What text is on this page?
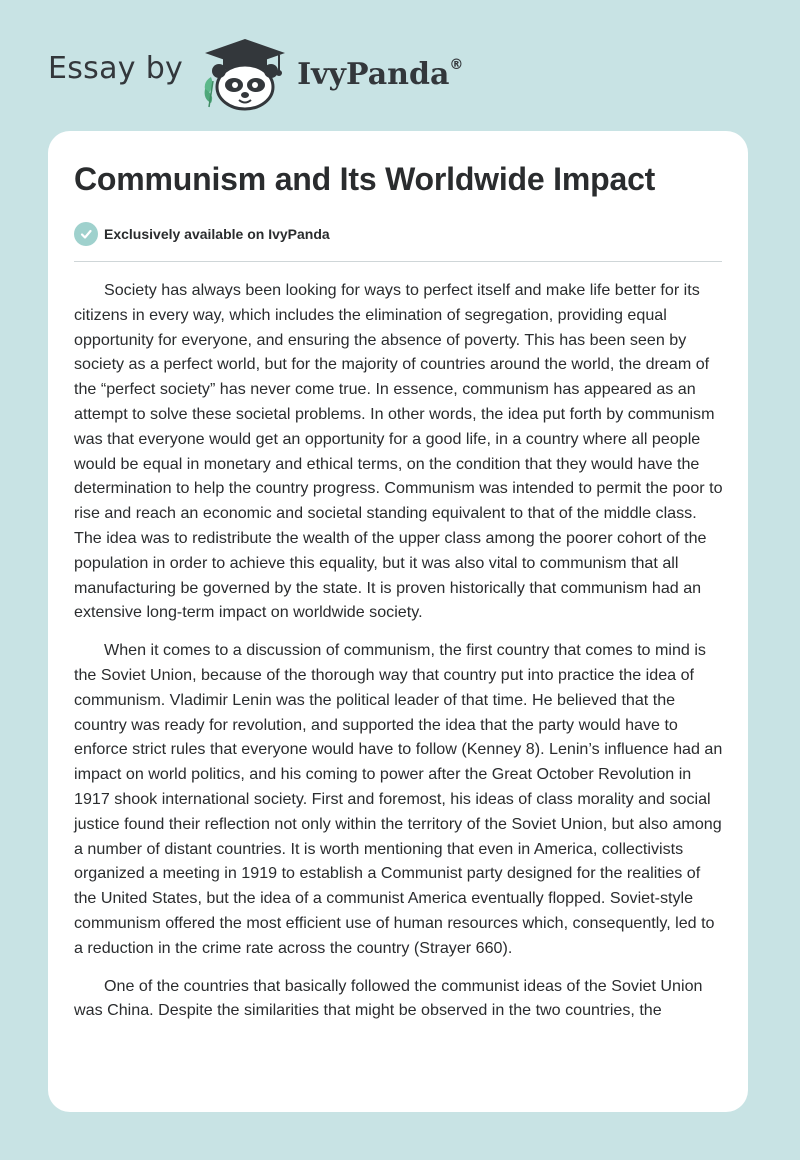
Essay by	IvyPanda®
Communism and Its Worldwide Impact
Exclusively available on IvyPanda

Society has always been looking for ways to perfect itself and make life better for its citizens in every way, which includes the elimination of segregation, providing equal opportunity for everyone, and ensuring the absence of poverty. This has been seen by society as a perfect world, but for the majority of countries around the world, the dream of the “perfect society” has never come true. In essence, communism has appeared as an attempt to solve these societal problems. In other words, the idea put forth by communism was that everyone would get an opportunity for a good life, in a country where all people would be equal in monetary and ethical terms, on the condition that they would have the determination to help the country progress. Communism was intended to permit the poor to rise and reach an economic and societal standing equivalent to that of the middle class. The idea was to redistribute the wealth of the upper class among the poorer cohort of the population in order to achieve this equality, but it was also vital to communism that all manufacturing be governed by the state. It is proven historically that communism had an extensive long-term impact on worldwide society.

When it comes to a discussion of communism, the first country that comes to mind is the Soviet Union, because of the thorough way that country put into practice the idea of communism. Vladimir Lenin was the political leader of that time. He believed that the country was ready for revolution, and supported the idea that the party would have to enforce strict rules that everyone would have to follow (Kenney 8). Lenin’s influence had an impact on world politics, and his coming to power after the Great October Revolution in 1917 shook international society. First and foremost, his ideas of class morality and social justice found their reflection not only within the territory of the Soviet Union, but also among a number of distant countries. It is worth mentioning that even in America, collectivists organized a meeting in 1919 to establish a Communist party designed for the realities of the United States, but the idea of a communist America eventually flopped. Soviet-style communism offered the most efficient use of human resources which, consequently, led to a reduction in the crime rate across the country (Strayer 660).

One of the countries that basically followed the communist ideas of the Soviet Union was China. Despite the similarities that might be observed in the two countries, the
